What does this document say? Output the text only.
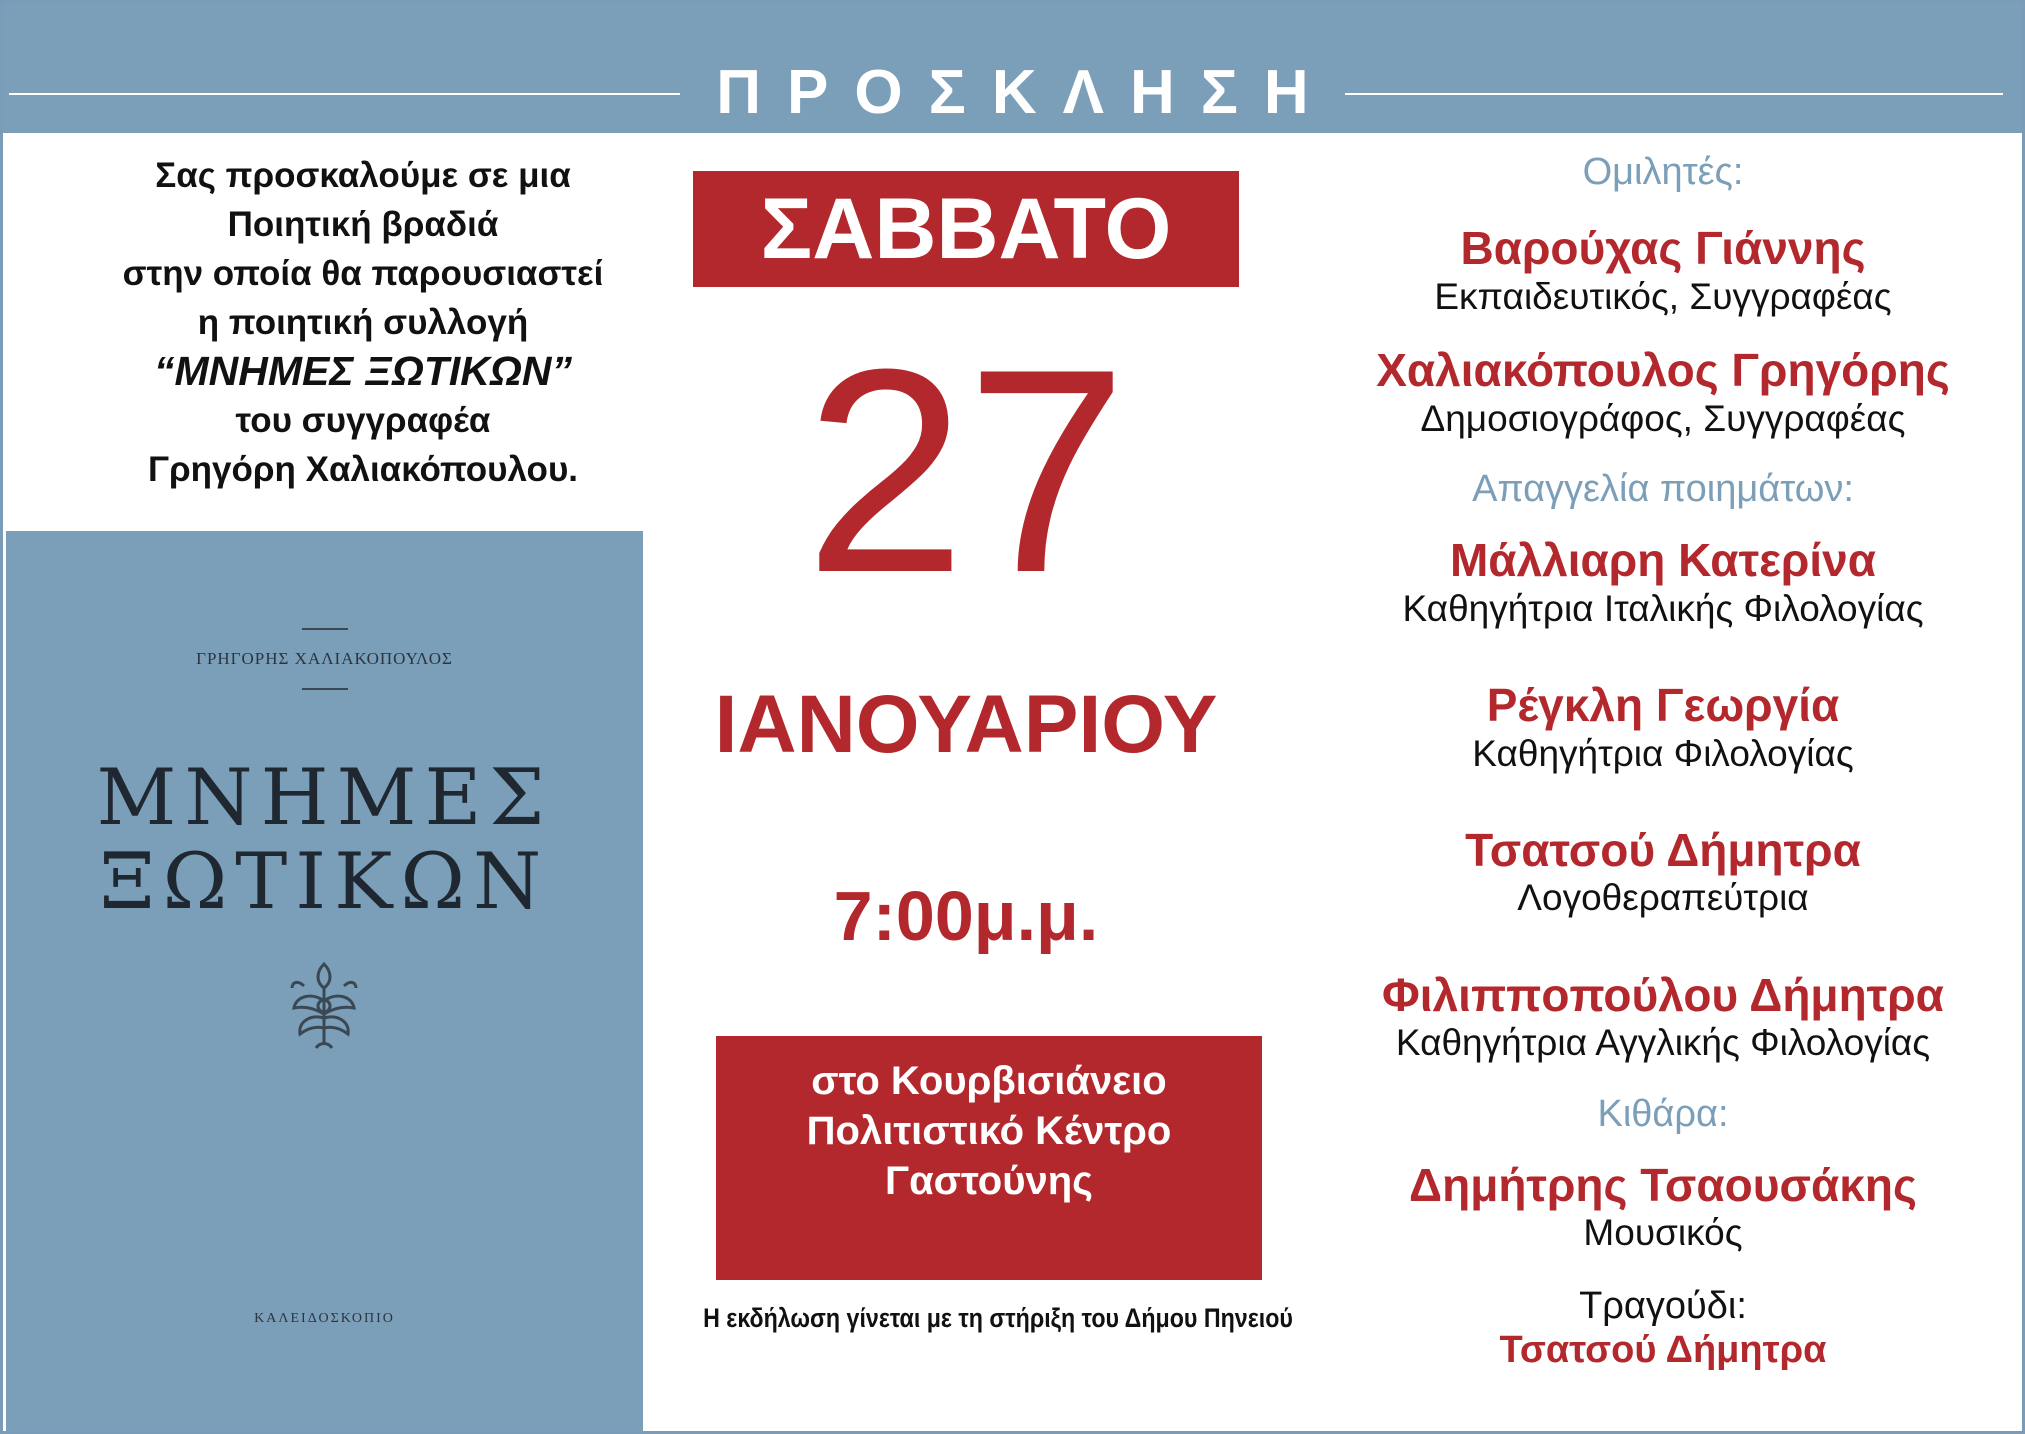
ΠΡΟΣΚΛΗΣΗ
Σας προσκαλούμε σε μια
Ποιητική βραδιά
στην οποία θα παρουσιαστεί
η ποιητική συλλογή
“ΜΝΗΜΕΣ ΞΩΤΙΚΩΝ”
του συγγραφέα
Γρηγόρη Χαλιακόπουλου.
ΓΡΗΓΟΡΗΣ ΧΑΛΙΑΚΟΠΟΥΛΟΣ
ΜΝΗΜΕΣ
ΞΩΤΙΚΩΝ
ΚΑΛΕΙΔΟΣΚΟΠΙΟ
ΣΑΒΒΑΤΟ
27
ΙΑΝΟΥΑΡΙΟΥ
7:00μ.μ.
στο Κουρβισιάνειο
Πολιτιστικό Κέντρο
Γαστούνης
Η εκδήλωση γίνεται με τη στήριξη του Δήμου Πηνειού
Ομιλητές:
Βαρούχας Γιάννης
Εκπαιδευτικός, Συγγραφέας
Χαλιακόπουλος Γρηγόρης
Δημοσιογράφος, Συγγραφέας
Απαγγελία ποιημάτων:
Μάλλιαρη Κατερίνα
Καθηγήτρια Ιταλικής Φιλολογίας
Ρέγκλη Γεωργία
Καθηγήτρια Φιλολογίας
Τσατσού Δήμητρα
Λογοθεραπεύτρια
Φιλιππoπούλου Δήμητρα
Καθηγήτρια Αγγλικής Φιλολογίας
Κιθάρα:
Δημήτρης Τσαουσάκης
Μουσικός
Τραγούδι:
Τσατσού Δήμητρα
